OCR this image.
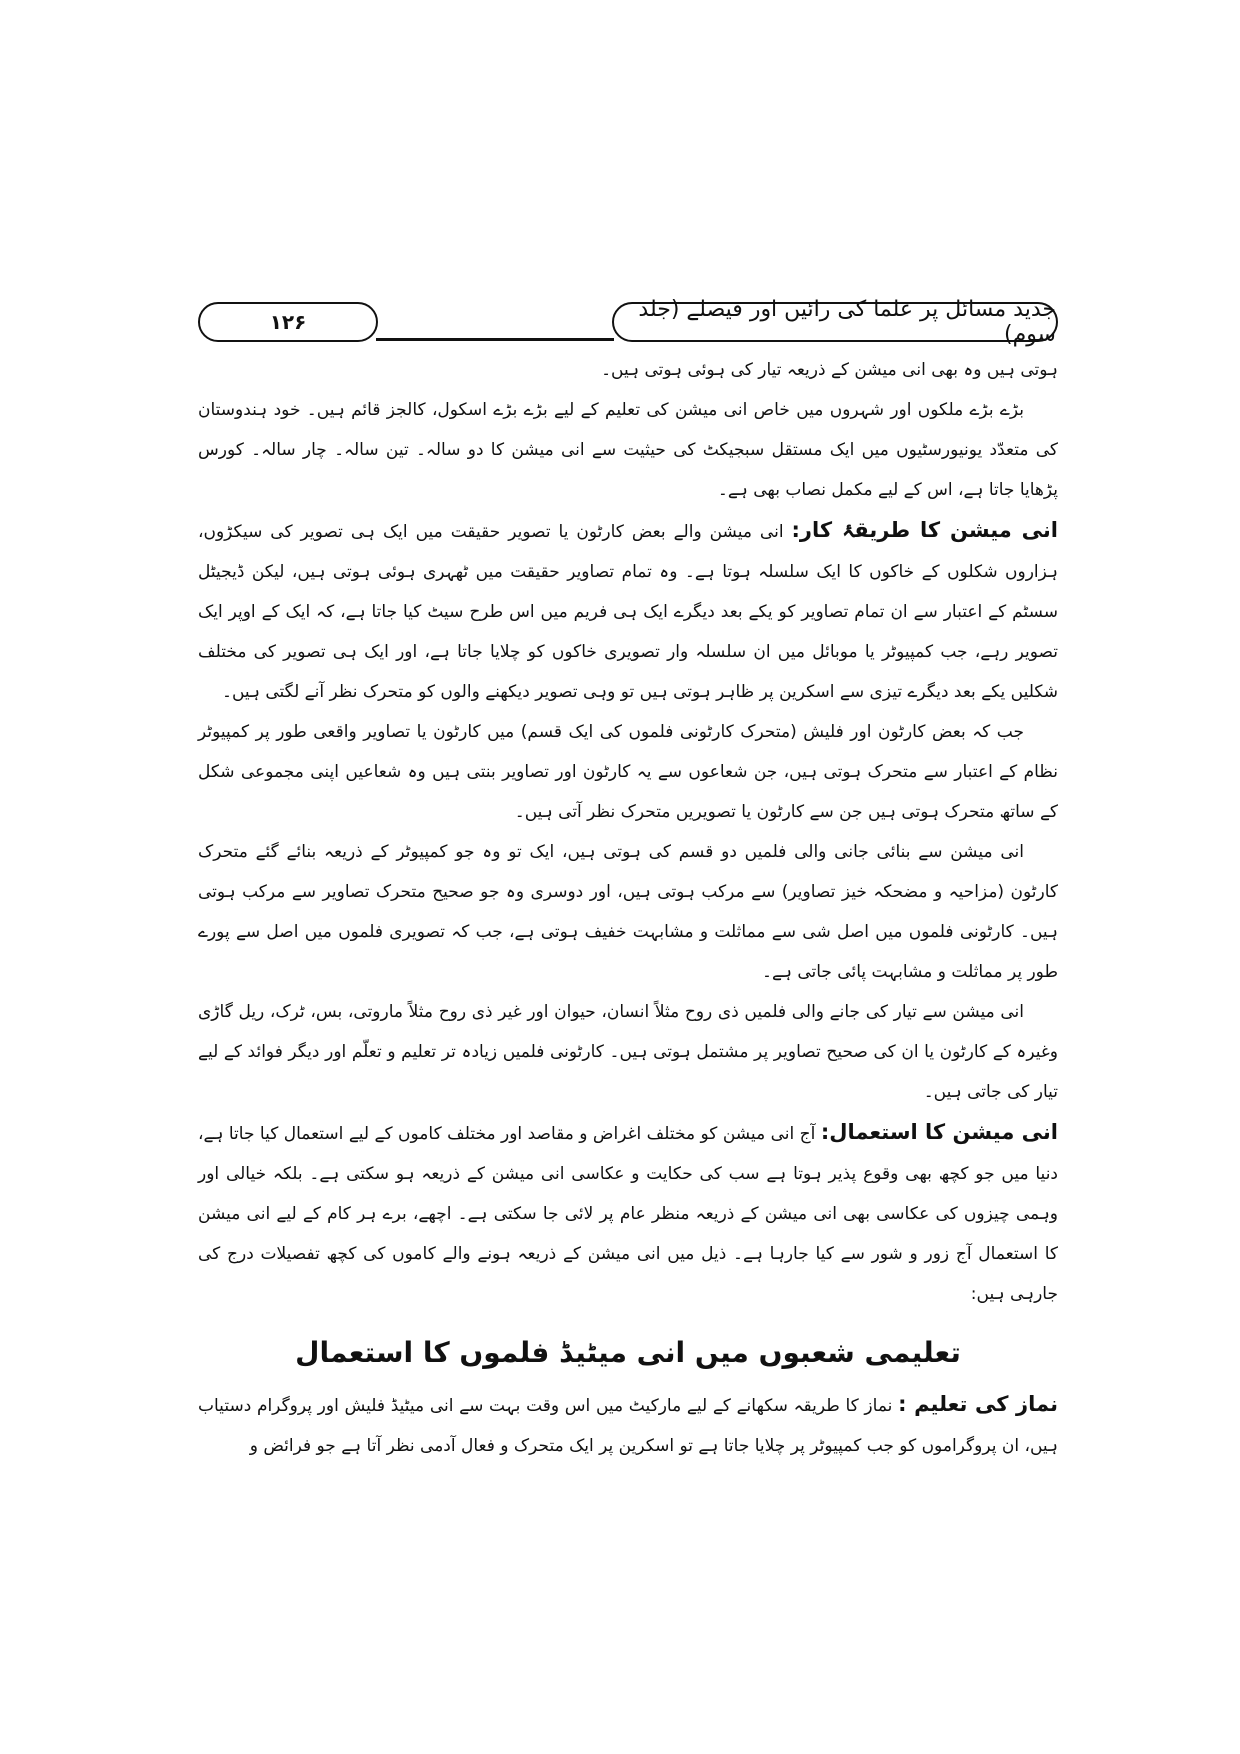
جدید مسائل پر علما کی رائیں اور فیصلے (جلد سوم)
۱۲۶

ہوتی ہیں وہ بھی انی میشن کے ذریعہ تیار کی ہوئی ہوتی ہیں۔

بڑے بڑے ملکوں اور شہروں میں خاص انی میشن کی تعلیم کے لیے بڑے بڑے اسکول، کالجز قائم ہیں۔ خود ہندوستان کی متعدّد یونیورسٹیوں میں ایک مستقل سبجیکٹ کی حیثیت سے انی میشن کا دو سالہ۔ تین سالہ۔ چار سالہ۔ کورس پڑھایا جاتا ہے، اس کے لیے مکمل نصاب بھی ہے۔

انی میشن کا طریقۂ کار: انی میشن والے بعض کارٹون یا تصویر حقیقت میں ایک ہی تصویر کی سیکڑوں، ہزاروں شکلوں کے خاکوں کا ایک سلسلہ ہوتا ہے۔ وہ تمام تصاویر حقیقت میں ٹھہری ہوئی ہوتی ہیں، لیکن ڈیجیٹل سسٹم کے اعتبار سے ان تمام تصاویر کو یکے بعد دیگرے ایک ہی فریم میں اس طرح سیٹ کیا جاتا ہے، کہ ایک کے اوپر ایک تصویر رہے، جب کمپیوٹر یا موبائل میں ان سلسلہ وار تصویری خاکوں کو چلایا جاتا ہے، اور ایک ہی تصویر کی مختلف شکلیں یکے بعد دیگرے تیزی سے اسکرین پر ظاہر ہوتی ہیں تو وہی تصویر دیکھنے والوں کو متحرک نظر آنے لگتی ہیں۔

جب کہ بعض کارٹون اور فلیش (متحرک کارٹونی فلموں کی ایک قسم) میں کارٹون یا تصاویر واقعی طور پر کمپیوٹر نظام کے اعتبار سے متحرک ہوتی ہیں، جن شعاعوں سے یہ کارٹون اور تصاویر بنتی ہیں وہ شعاعیں اپنی مجموعی شکل کے ساتھ متحرک ہوتی ہیں جن سے کارٹون یا تصویریں متحرک نظر آتی ہیں۔

انی میشن سے بنائی جانی والی فلمیں دو قسم کی ہوتی ہیں، ایک تو وہ جو کمپیوٹر کے ذریعہ بنائے گئے متحرک کارٹون (مزاحیہ و مضحکہ خیز تصاویر) سے مرکب ہوتی ہیں، اور دوسری وہ جو صحیح متحرک تصاویر سے مرکب ہوتی ہیں۔ کارٹونی فلموں میں اصل شی سے مماثلت و مشابہت خفیف ہوتی ہے، جب کہ تصویری فلموں میں اصل سے پورے طور پر مماثلت و مشابہت پائی جاتی ہے۔

انی میشن سے تیار کی جانے والی فلمیں ذی روح مثلاً انسان، حیوان اور غیر ذی روح مثلاً ماروتی، بس، ٹرک، ریل گاڑی وغیرہ کے کارٹون یا ان کی صحیح تصاویر پر مشتمل ہوتی ہیں۔ کارٹونی فلمیں زیادہ تر تعلیم و تعلّم اور دیگر فوائد کے لیے تیار کی جاتی ہیں۔

انی میشن کا استعمال: آج انی میشن کو مختلف اغراض و مقاصد اور مختلف کاموں کے لیے استعمال کیا جاتا ہے، دنیا میں جو کچھ بھی وقوع پذیر ہوتا ہے سب کی حکایت و عکاسی انی میشن کے ذریعہ ہو سکتی ہے۔ بلکہ خیالی اور وہمی چیزوں کی عکاسی بھی انی میشن کے ذریعہ منظر عام پر لائی جا سکتی ہے۔ اچھے، برے ہر کام کے لیے انی میشن کا استعمال آج زور و شور سے کیا جارہا ہے۔ ذیل میں انی میشن کے ذریعہ ہونے والے کاموں کی کچھ تفصیلات درج کی جارہی ہیں:

تعلیمی شعبوں میں انی میٹیڈ فلموں کا استعمال

نماز کی تعلیم : نماز کا طریقہ سکھانے کے لیے مارکیٹ میں اس وقت بہت سے انی میٹیڈ فلیش اور پروگرام دستیاب ہیں، ان پروگراموں کو جب کمپیوٹر پر چلایا جاتا ہے تو اسکرین پر ایک متحرک و فعال آدمی نظر آتا ہے جو فرائض و
